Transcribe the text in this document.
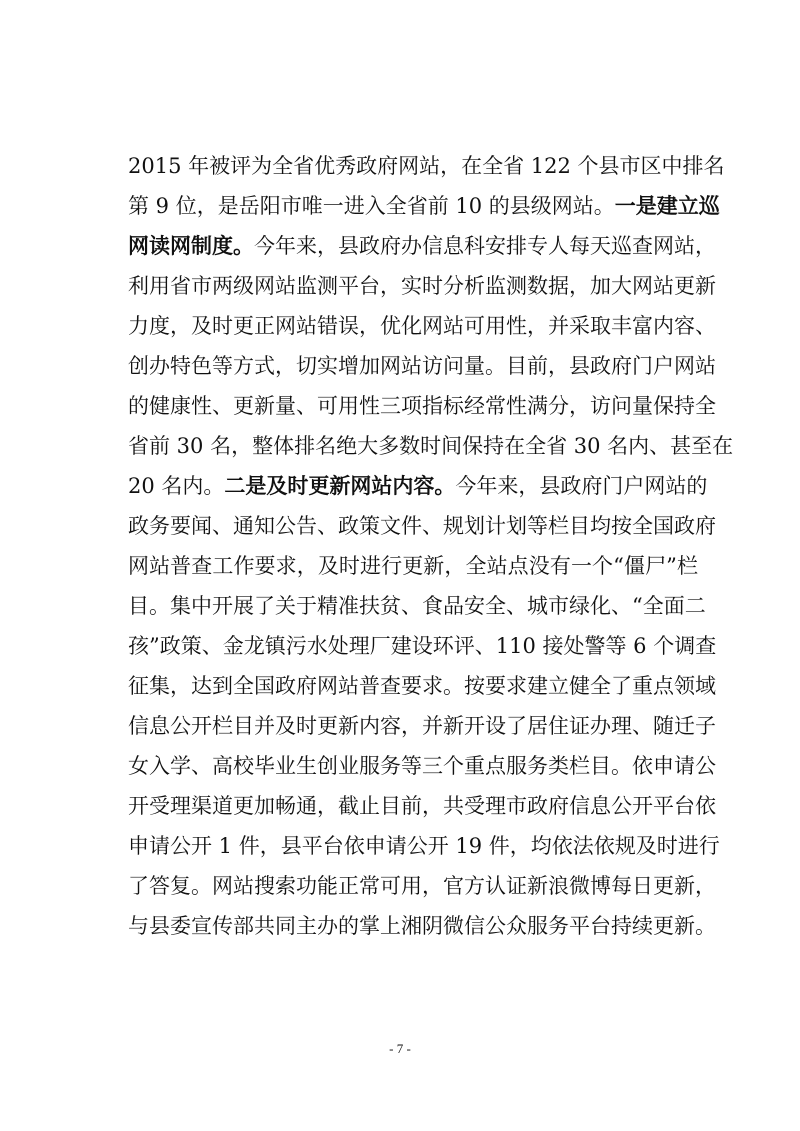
2015 年被评为全省优秀政府网站，在全省 122 个县市区中排名
第 9 位，是岳阳市唯一进入全省前 10 的县级网站。一是建立巡
网读网制度。今年来，县政府办信息科安排专人每天巡查网站，
利用省市两级网站监测平台，实时分析监测数据，加大网站更新
力度，及时更正网站错误，优化网站可用性，并采取丰富内容、
创办特色等方式，切实增加网站访问量。目前，县政府门户网站
的健康性、更新量、可用性三项指标经常性满分，访问量保持全
省前 30 名，整体排名绝大多数时间保持在全省 30 名内、甚至在
20 名内。二是及时更新网站内容。今年来，县政府门户网站的
政务要闻、通知公告、政策文件、规划计划等栏目均按全国政府
网站普查工作要求，及时进行更新，全站点没有一个“僵尸”栏
目。集中开展了关于精准扶贫、食品安全、城市绿化、“全面二
孩”政策、金龙镇污水处理厂建设环评、110 接处警等 6 个调查
征集，达到全国政府网站普查要求。按要求建立健全了重点领域
信息公开栏目并及时更新内容，并新开设了居住证办理、随迁子
女入学、高校毕业生创业服务等三个重点服务类栏目。依申请公
开受理渠道更加畅通，截止目前，共受理市政府信息公开平台依
申请公开 1 件，县平台依申请公开 19 件，均依法依规及时进行
了答复。网站搜索功能正常可用，官方认证新浪微博每日更新，
与县委宣传部共同主办的掌上湘阴微信公众服务平台持续更新。
- 7 -
